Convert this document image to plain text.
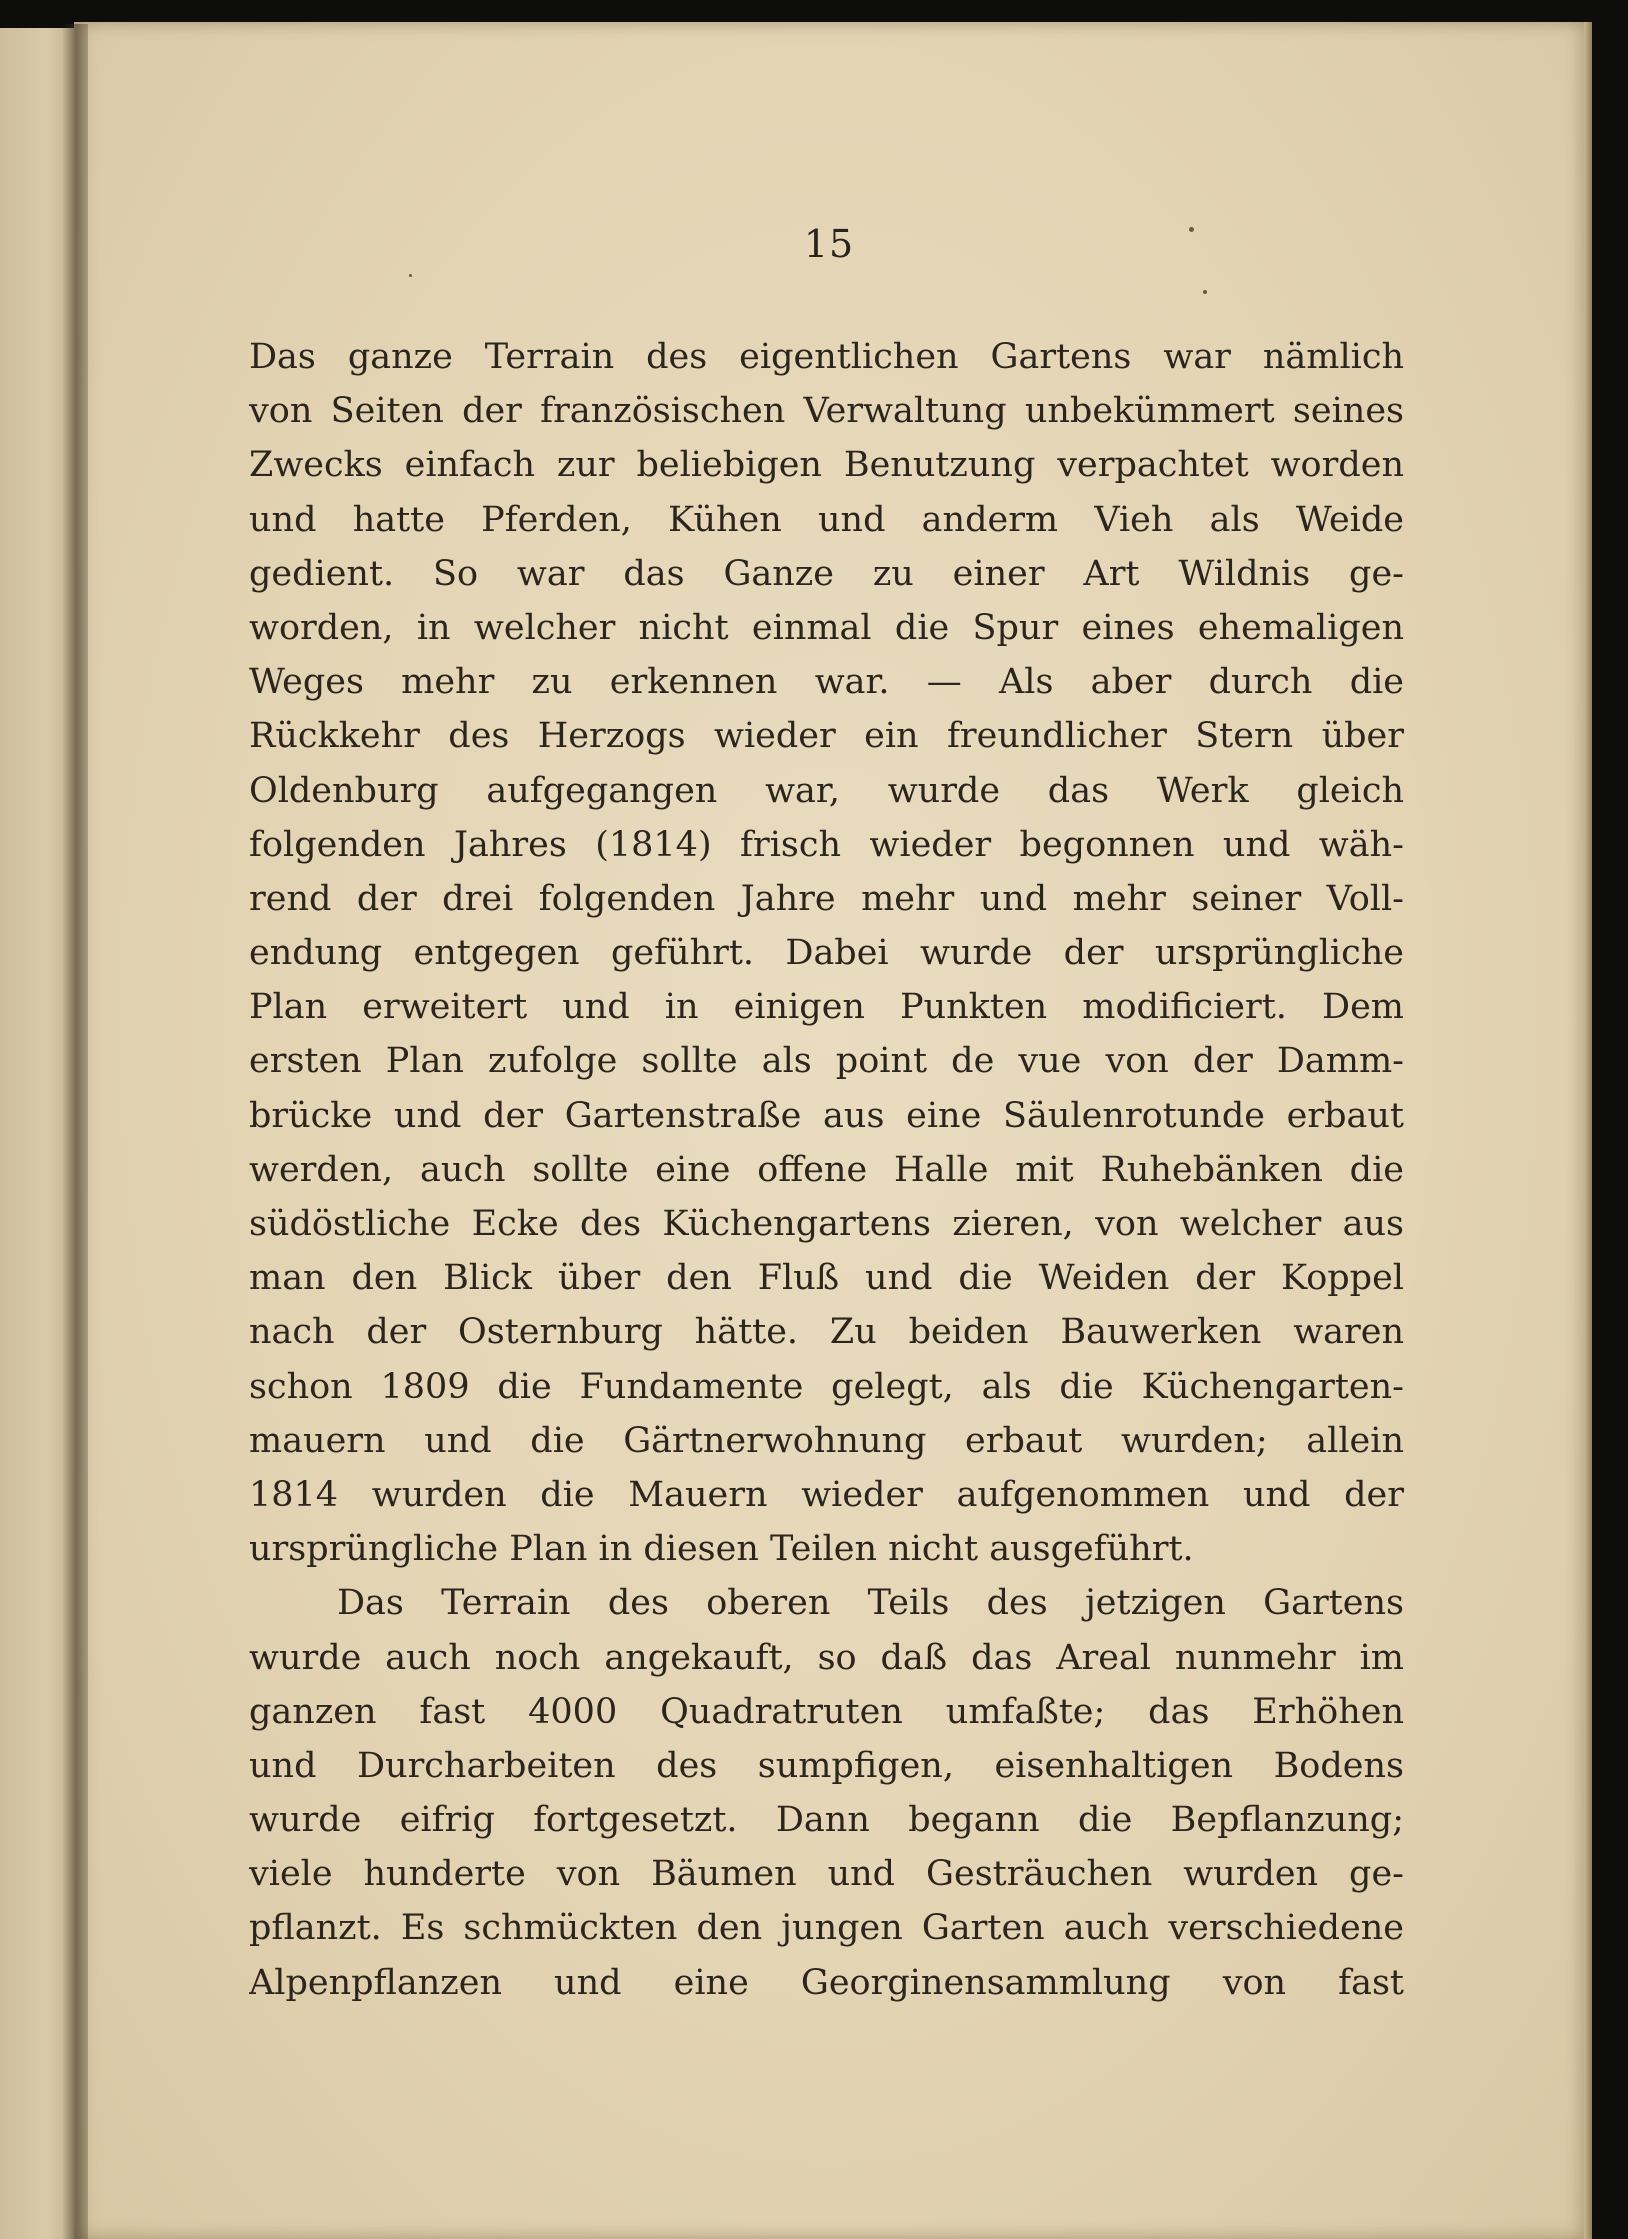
15
Das ganze Terrain des eigentlichen Gartens war nämlich
von Seiten der französischen Verwaltung unbekümmert seines
Zwecks einfach zur beliebigen Benutzung verpachtet worden
und hatte Pferden, Kühen und anderm Vieh als Weide
gedient. So war das Ganze zu einer Art Wildnis ge-
worden, in welcher nicht einmal die Spur eines ehemaligen
Weges mehr zu erkennen war. — Als aber durch die
Rückkehr des Herzogs wieder ein freundlicher Stern über
Oldenburg aufgegangen war, wurde das Werk gleich
folgenden Jahres (1814) frisch wieder begonnen und wäh-
rend der drei folgenden Jahre mehr und mehr seiner Voll-
endung entgegen geführt. Dabei wurde der ursprüngliche
Plan erweitert und in einigen Punkten modificiert. Dem
ersten Plan zufolge sollte als point de vue von der Damm-
brücke und der Gartenstraße aus eine Säulenrotunde erbaut
werden, auch sollte eine offene Halle mit Ruhebänken die
südöstliche Ecke des Küchengartens zieren, von welcher aus
man den Blick über den Fluß und die Weiden der Koppel
nach der Osternburg hätte. Zu beiden Bauwerken waren
schon 1809 die Fundamente gelegt, als die Küchengarten-
mauern und die Gärtnerwohnung erbaut wurden; allein
1814 wurden die Mauern wieder aufgenommen und der
ursprüngliche Plan in diesen Teilen nicht ausgeführt.
Das Terrain des oberen Teils des jetzigen Gartens
wurde auch noch angekauft, so daß das Areal nunmehr im
ganzen fast 4000 Quadratruten umfaßte; das Erhöhen
und Durcharbeiten des sumpfigen, eisenhaltigen Bodens
wurde eifrig fortgesetzt. Dann begann die Bepflanzung;
viele hunderte von Bäumen und Gesträuchen wurden ge-
pflanzt. Es schmückten den jungen Garten auch verschiedene
Alpenpflanzen und eine Georginensammlung von fast
